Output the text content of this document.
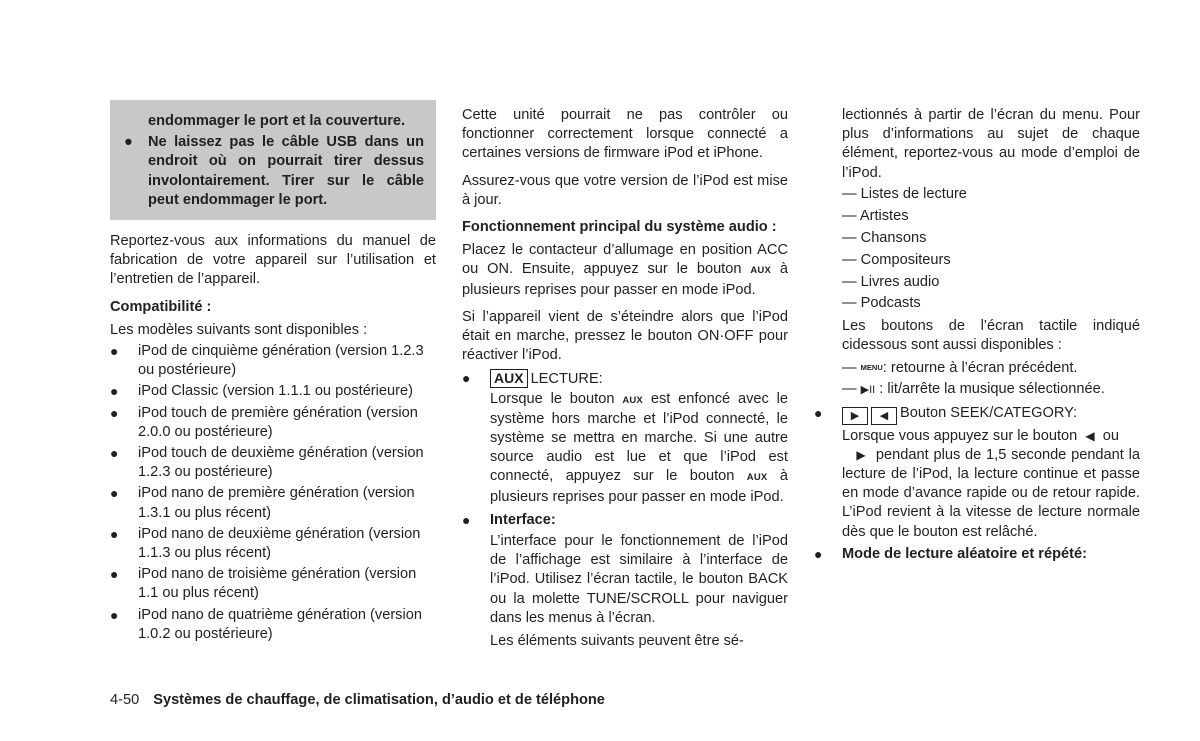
endommager le port et la couverture.
● Ne laissez pas le câble USB dans un endroit où on pourrait tirer dessus involontairement. Tirer sur le câble peut endommager le port.

Reportez-vous aux informations du manuel de fabrication de votre appareil sur l’utilisation et l’entretien de l’appareil.

Compatibilité :

Les modèles suivants sont disponibles :

● iPod de cinquième génération (version 1.2.3 ou postérieure)
● iPod Classic (version 1.1.1 ou postérieure)
● iPod touch de première génération (version 2.0.0 ou postérieure)
● iPod touch de deuxième génération (version 1.2.3 ou postérieure)
● iPod nano de première génération (version 1.3.1 ou plus récent)
● iPod nano de deuxième génération (version 1.1.3 ou plus récent)
● iPod nano de troisième génération (version 1.1 ou plus récent)
● iPod nano de quatrième génération (version 1.0.2 ou postérieure)

Cette unité pourrait ne pas contrôler ou fonctionner correctement lorsque connecté a certaines versions de firmware iPod et iPhone.

Assurez-vous que votre version de l’iPod est mise à jour.

Fonctionnement principal du système audio :

Placez le contacteur d’allumage en position ACC ou ON. Ensuite, appuyez sur le bouton AUX à plusieurs reprises pour passer en mode iPod.

Si l’appareil vient de s’éteindre alors que l’iPod était en marche, pressez le bouton ON·OFF pour réactiver l’iPod.

● AUX LECTURE:

Lorsque le bouton AUX est enfoncé avec le système hors marche et l’iPod connecté, le système se mettra en marche. Si une autre source audio est lue et que l’iPod est connecté, appuyez sur le bouton AUX à plusieurs reprises pour passer en mode iPod.

● Interface:

L’interface pour le fonctionnement de l’iPod de l’affichage est similaire à l’interface de l’iPod. Utilisez l’écran tactile, le bouton BACK ou la molette TUNE/SCROLL pour naviguer dans les menus à l’écran.

Les éléments suivants peuvent être sé-

lectionnés à partir de l’écran du menu. Pour plus d’informations au sujet de chaque élément, reportez-vous au mode d’emploi de l’iPod.

— Listes de lecture
— Artistes
— Chansons
— Compositeurs
— Livres audio
— Podcasts

Les boutons de l’écran tactile indiqué cidessous sont aussi disponibles :

— MENU: retourne à l’écran précédent.
— ▶II : lit/arrête la musique sélectionnée.
●	▶ ◀ Bouton SEEK/CATEGORY:

Lorsque vous appuyez sur le bouton ◀ ou
▶ pendant plus de 1,5 seconde pendant la lecture de l’iPod, la lecture continue et passe en mode d’avance rapide ou de retour rapide. L’iPod revient à la vitesse de lecture normale dès que le bouton est relâché.

● Mode de lecture aléatoire et répété:
4-50 Systèmes de chauffage, de climatisation, d’audio et de téléphone
